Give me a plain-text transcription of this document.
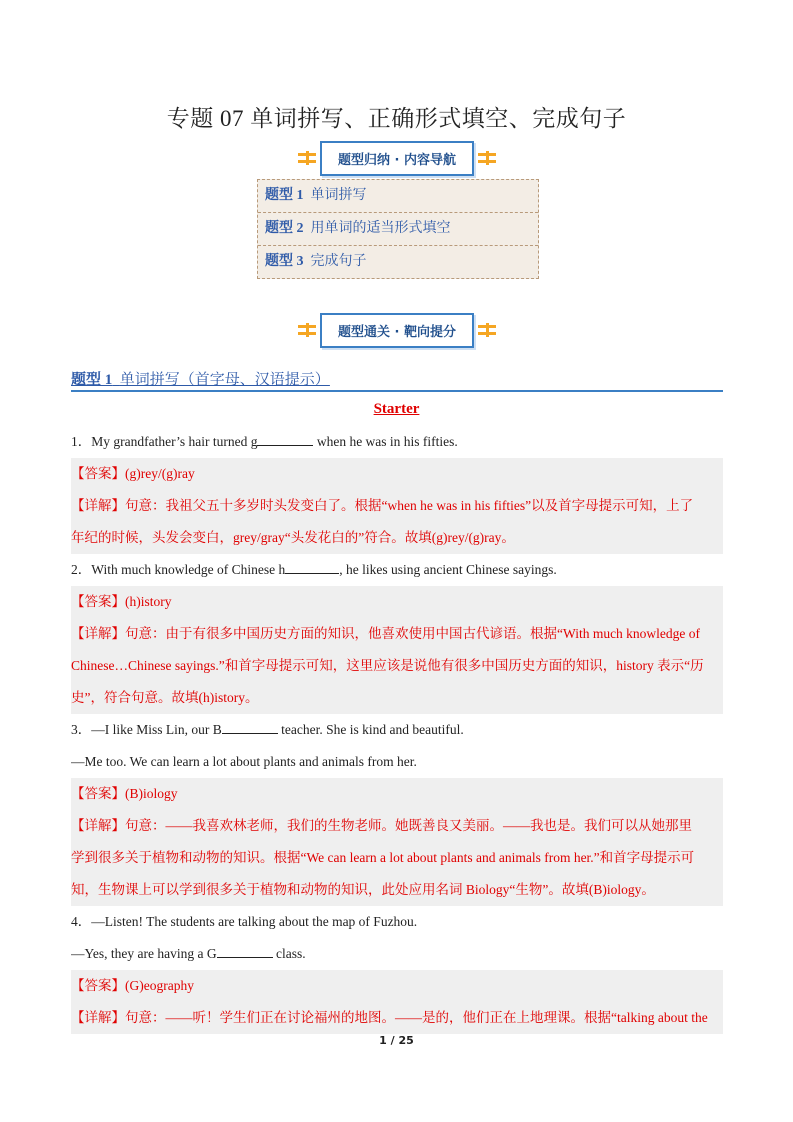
专题 07 单词拼写、正确形式填空、完成句子
题型归纳 · 内容导航
题型 1 单词拼写
题型 2 用单词的适当形式填空
题型 3 完成句子
题型通关 · 靶向提分
题型 1 单词拼写（首字母、汉语提示）
Starter
1．My grandfather’s hair turned g	when he was in his fifties.
【答案】(g)rey/(g)ray
【详解】句意：我祖父五十多岁时头发变白了。根据“when he was in his fifties”以及首字母提示可知，上了
年纪的时候，头发会变白，grey/gray“头发花白的”符合。故填(g)rey/(g)ray。
2．With much knowledge of Chinese h	, he likes using ancient Chinese sayings.
【答案】(h)istory
【详解】句意：由于有很多中国历史方面的知识，他喜欢使用中国古代谚语。根据“With much knowledge of
Chinese…Chinese sayings.”和首字母提示可知，这里应该是说他有很多中国历史方面的知识，history 表示“历
史”，符合句意。故填(h)istory。
3．—I like Miss Lin, our B	teacher. She is kind and beautiful.
—Me too. We can learn a lot about plants and animals from her.
【答案】(B)iology
【详解】句意：——我喜欢林老师，我们的生物老师。她既善良又美丽。——我也是。我们可以从她那里
学到很多关于植物和动物的知识。根据“We can learn a lot about plants and animals from her.”和首字母提示可
知，生物课上可以学到很多关于植物和动物的知识，此处应用名词 Biology“生物”。故填(B)iology。
4．—Listen! The students are talking about the map of Fuzhou.
—Yes, they are having a G	class.
【答案】(G)eography
【详解】句意：——听！学生们正在讨论福州的地图。——是的，他们正在上地理课。根据“talking about the
1 / 25
